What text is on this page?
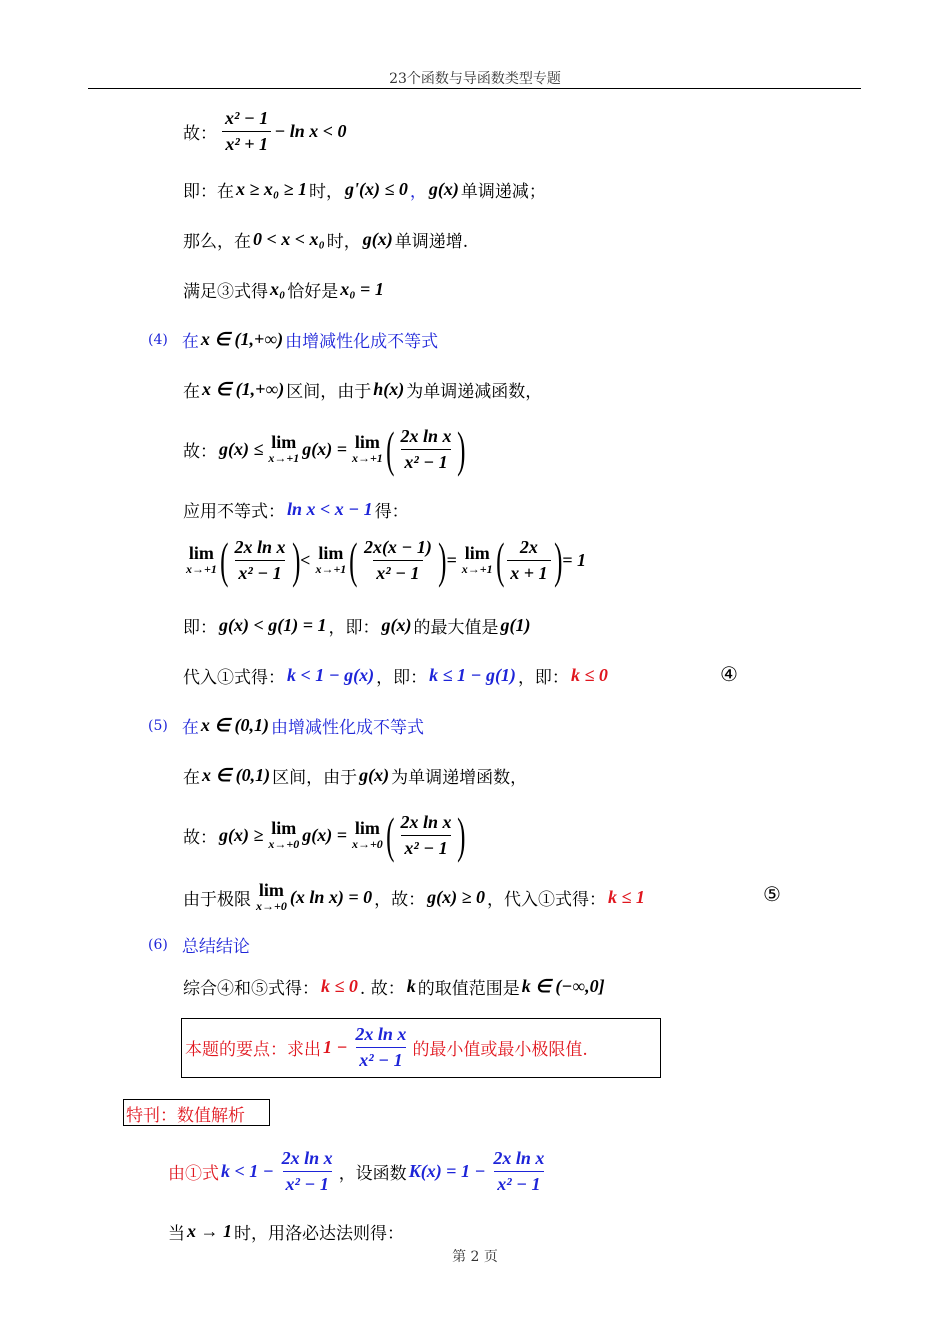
23个函数与导函数类型专题
故： $\frac{\text{x² − 1}}{\text{x² + 1}} - \ln x < 0$
即：在 x ≥ x₀ ≥ 1 时， g'(x) ≤ 0 ， g(x) 单调递减；
那么，在 0 < x < x₀ 时， g(x) 单调递增.
满足③式得 x₀ 恰好是 x₀ = 1
(4) 在 x ∈ (1,+∞) 由增减性化成不等式
在 x ∈ (1,+∞) 区间，由于 h(x) 为单调递减函数，
故： g(x) ≤ lim
x→+1 g(x) = lim
x→+1 ( $\frac{\text{2x ln x}}{\text{x² − 1}}$ )
应用不等式： ln x < x − 1 得：
lim
x→+1 ( $\frac{\text{2x ln x}}{\text{x² − 1}}$ ) < lim
x→+1 ( $\frac{2x(x - 1)}{\text{x² − 1}}$ ) = lim
x→+1 ( $\frac{2x}{x + 1}$ ) = 1
即： g(x) < g(1) = 1 ，即： g(x) 的最大值是 g(1)
代入①式得： k < 1 − g(x) ，即： k ≤ 1 − g(1) ，即： k ≤ 0	④
(5) 在 x ∈ (0,1) 由增减性化成不等式
在 x ∈ (0,1) 区间，由于 g(x) 为单调递增函数，
故： g(x) ≥ lim
x→+0 g(x) = lim
x→+0 ( $\frac{\text{2x ln x}}{\text{x² − 1}}$ )
由于极限 lim
x→+0 (x ln x) = 0 ，故： g(x) ≥ 0 ，代入①式得： k ≤ 1	⑤
(6) 总结结论
综合④和⑤式得： k ≤ 0 . 故： k 的取值范围是 k ∈ (−∞,0]
本题的要点：求出 $1 - \frac{\text{2x ln x}}{\text{x² − 1}}$ 的最小值或最小极限值.
特刊：数值解析
由①式 $k < 1 - \frac{\text{2x ln x}}{\text{x² − 1}}$ ，设函数 $K(x) = 1 - \frac{\text{2x ln x}}{\text{x² − 1}}$
当 x → 1 时，用洛必达法则得：
第 2 页
